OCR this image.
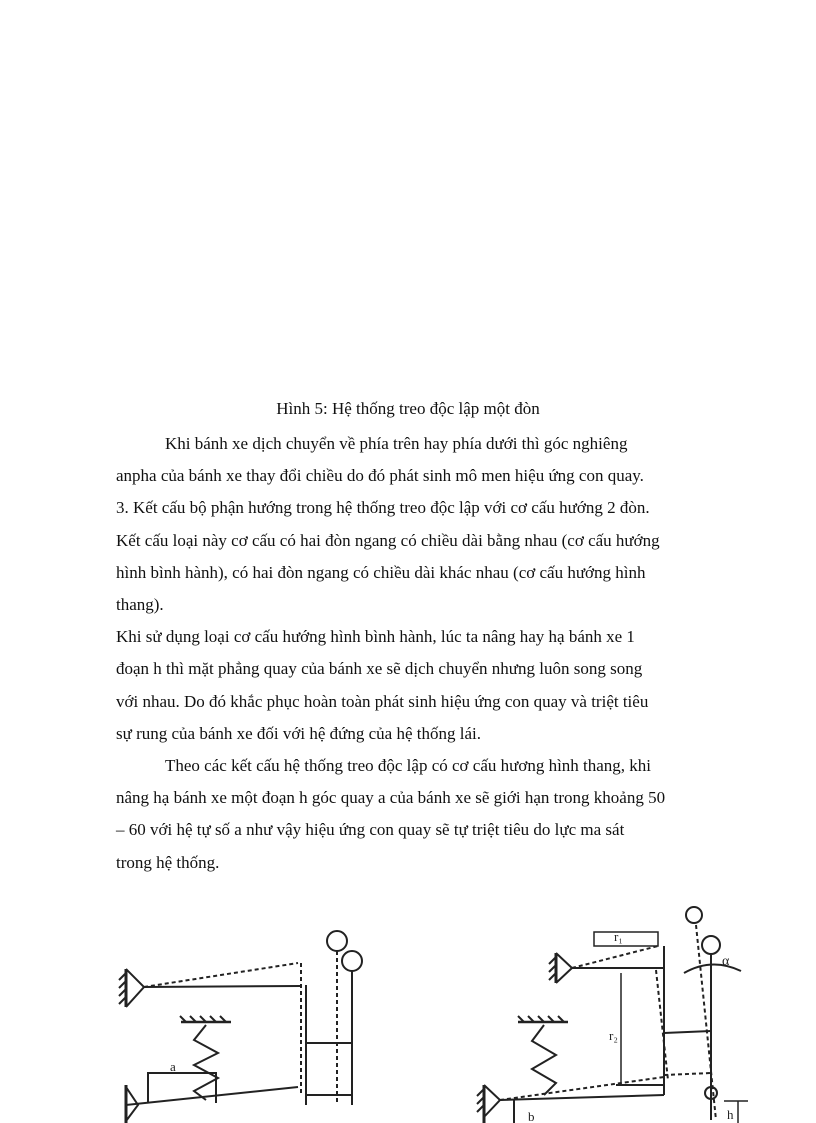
Hình 5: Hệ thống treo độc lập một đòn

Khi bánh xe dịch chuyển về phía trên hay phía dưới thì góc nghiêng
anpha của bánh xe thay đổi chiều do đó phát sinh mô men hiệu ứng con quay.

3. Kết cấu bộ phận hướng trong hệ thống treo độc lập với cơ cấu hướng 2 đòn.

Kết cấu loại này cơ cấu có hai đòn ngang có chiều dài bằng nhau (cơ cấu hướng
hình bình hành), có hai đòn ngang có chiều dài khác nhau (cơ cấu hướng hình
thang).

Khi sử dụng loại cơ cấu hướng hình bình hành, lúc ta nâng hay hạ bánh xe 1
đoạn h thì mặt phẳng quay của bánh xe sẽ dịch chuyển nhưng luôn song song
với nhau. Do đó khắc phục hoàn toàn phát sinh hiệu ứng con quay và triệt tiêu
sự rung của bánh xe đối với hệ đứng của hệ thống lái.

Theo các kết cấu hệ thống treo độc lập có cơ cấu hương hình thang, khi
nâng hạ bánh xe một đoạn h góc quay a của bánh xe sẽ giới hạn trong khoảng 50
– 60 với hệ tự số a như vậy hiệu ứng con quay sẽ tự triệt tiêu do lực ma sát
trong hệ thống.

a
r₁
r₂
α
b	h
